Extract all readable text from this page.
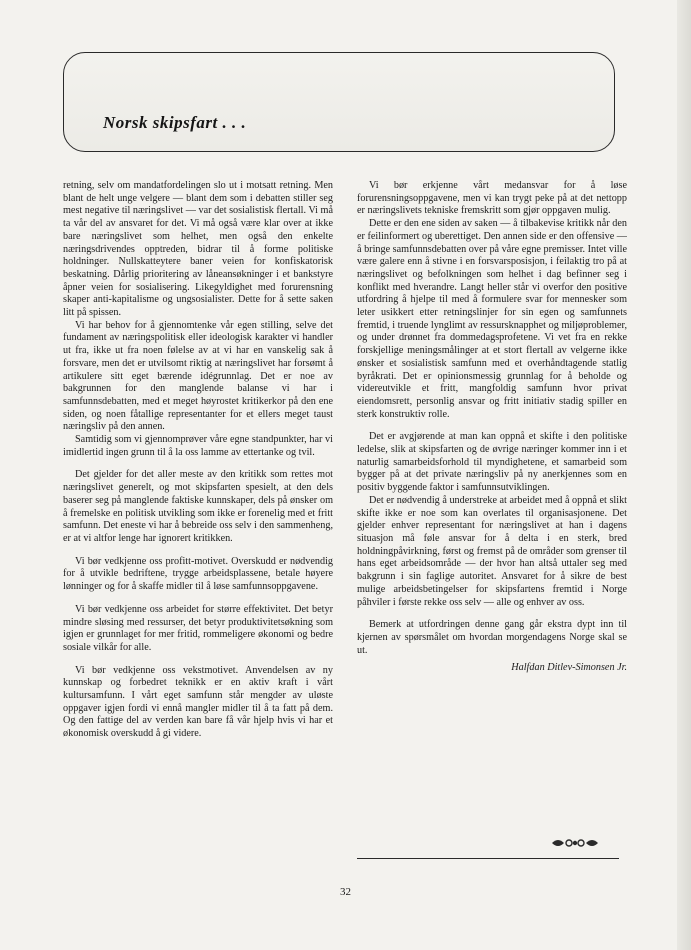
Norsk skipsfart . . .

retning, selv om mandatfordelingen slo ut i motsatt retning. Men blant de helt unge velgere — blant dem som i debatten stiller seg mest negative til næringslivet — var det sosialistisk flertall. Vi må ta vår del av ansvaret for det. Vi må også være klar over at ikke bare næringslivet som helhet, men også den enkelte næringsdrivendes opptreden, bidrar til å forme politiske holdninger. Nullskatteytere baner veien for konfiskatorisk beskatning. Dårlig prioritering av låneansøkninger i et bankstyre åpner veien for sosialisering. Likegyldighet med forurensning skaper anti-kapitalisme og ungsosialister. Dette for å sette saken litt på spissen.

Vi har behov for å gjennomtenke vår egen stilling, selve det fundament av næringspolitisk eller ideologisk karakter vi handler ut fra, ikke ut fra noen følelse av at vi har en vanskelig sak å forsvare, men det er utvilsomt riktig at næringslivet har forsømt å artikulere sitt eget bærende idégrunnlag. Det er noe av bakgrunnen for den manglende balanse vi har i samfunnsdebatten, med et meget høyrostet kritikerkor på den ene siden, og noen fåtallige representanter for et ellers meget taust næringsliv på den annen.

Samtidig som vi gjennomprøver våre egne standpunkter, har vi imidlertid ingen grunn til å la oss lamme av ettertanke og tvil.

Det gjelder for det aller meste av den kritikk som rettes mot næringslivet generelt, og mot skipsfarten spesielt, at den dels baserer seg på manglende faktiske kunnskaper, dels på ønsker om å fremelske en politisk utvikling som ikke er forenelig med et fritt samfunn. Det eneste vi har å bebreide oss selv i den sammenheng, er at vi altfor lenge har ignorert kritikken.

Vi bør vedkjenne oss profitt-motivet. Overskudd er nødvendig for å utvikle bedriftene, trygge arbeidsplassene, betale høyere lønninger og for å skaffe midler til å løse samfunnsoppgavene.

Vi bør vedkjenne oss arbeidet for større effektivitet. Det betyr mindre sløsing med ressurser, det betyr produktivitetsøkning som igjen er grunnlaget for mer fritid, rommeligere økonomi og bedre sosiale vilkår for alle.

Vi bør vedkjenne oss vekstmotivet. Anvendelsen av ny kunnskap og forbedret teknikk er en aktiv kraft i vårt kultursamfunn. I vårt eget samfunn står mengder av uløste oppgaver igjen fordi vi ennå mangler midler til å ta fatt på dem. Og den fattige del av verden kan bare få vår hjelp hvis vi har et økonomisk overskudd å gi videre.

Vi bør erkjenne vårt medansvar for å løse forurensningsoppgavene, men vi kan trygt peke på at det nettopp er næringslivets tekniske fremskritt som gjør oppgaven mulig.

Dette er den ene siden av saken — å tilbakevise kritikk når den er feilinformert og uberettiget. Den annen side er den offensive — å bringe samfunnsdebatten over på våre egne premisser. Intet ville være galere enn å stivne i en forsvarsposisjon, i feilaktig tro på at næringslivet og befolkningen som helhet i dag befinner seg i konflikt med hverandre. Langt heller står vi overfor den positive utfordring å hjelpe til med å formulere svar for mennesker som leter usikkert etter retningslinjer for sin egen og samfunnets fremtid, i truende lynglimt av ressursknapphet og miljøproblemer, og under drønnet fra dommedagsprofetene. Vi vet fra en rekke forskjellige meningsmålinger at et stort flertall av velgerne ikke ønsker et sosialistisk samfunn med et overhåndtagende statlig byråkrati. Det er opinionsmessig grunnlag for å beholde og videreutvikle et fritt, mangfoldig samfunn hvor privat eiendomsrett, personlig ansvar og fritt initiativ stadig spiller en sterk konstruktiv rolle.

Det er avgjørende at man kan oppnå et skifte i den politiske ledelse, slik at skipsfarten og de øvrige næringer kommer inn i et naturlig samarbeidsforhold til myndighetene, et samarbeid som bygger på at det private næringsliv på ny anerkjennes som en positiv byggende faktor i samfunnsutviklingen.

Det er nødvendig å understreke at arbeidet med å oppnå et slikt skifte ikke er noe som kan overlates til organisasjonene. Det gjelder enhver representant for næringslivet at han i dagens situasjon må føle ansvar for å delta i en sterk, bred holdningpåvirkning, først og fremst på de områder som grenser til hans eget arbeidsområde — der hvor han altså uttaler seg med bakgrunn i sin faglige autoritet. Ansvaret for å sikre de best mulige arbeidsbetingelser for skipsfartens fremtid i Norge påhviler i første rekke oss selv — alle og enhver av oss.

Bemerk at utfordringen denne gang går ekstra dypt inn til kjernen av spørsmålet om hvordan morgendagens Norge skal se ut.

Halfdan Ditlev-Simonsen Jr.
32
